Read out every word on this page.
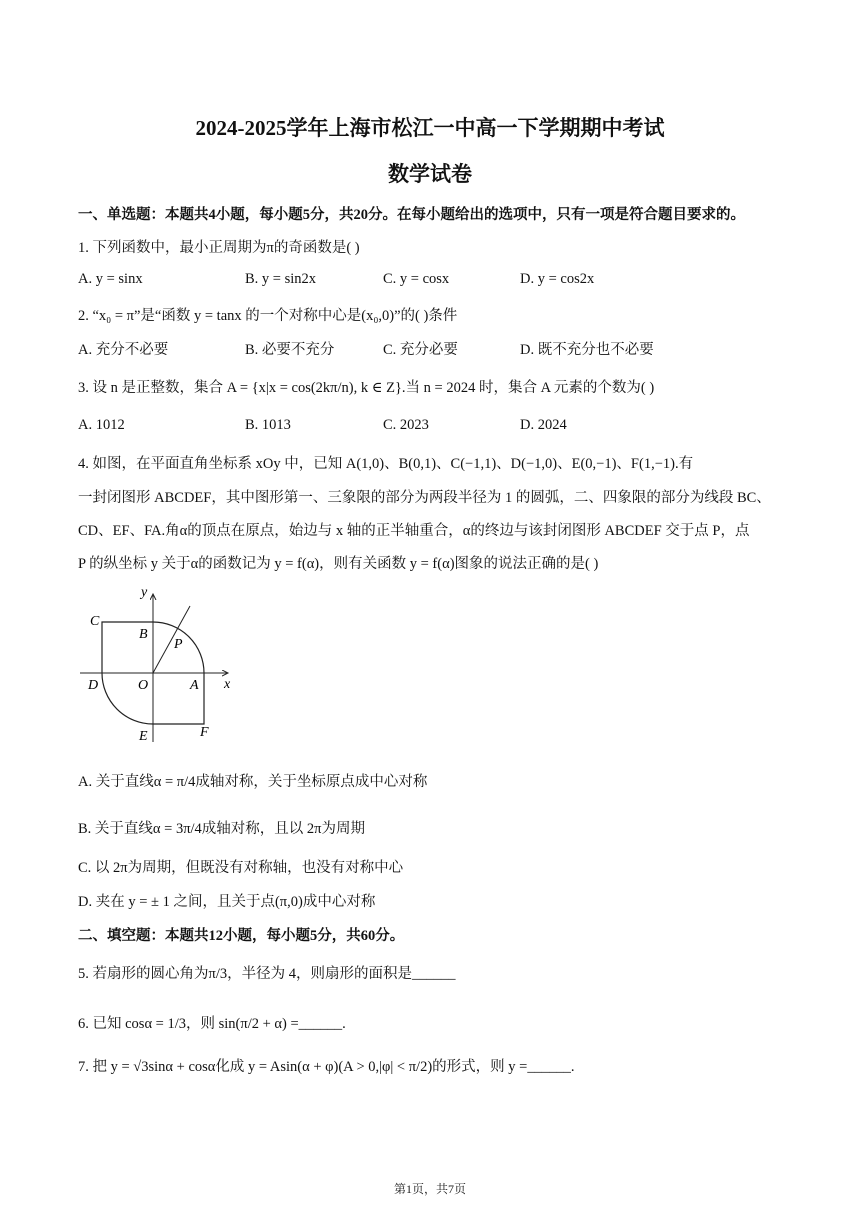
2024-2025学年上海市松江一中高一下学期期中考试
数学试卷
一、单选题：本题共4小题，每小题5分，共20分。在每小题给出的选项中，只有一项是符合题目要求的。
1. 下列函数中，最小正周期为π的奇函数是( )
A. y = sinx	B. y = sin2x	C. y = cosx	D. y = cos2x
2. “x₀ = π”是“函数 y = tanx 的一个对称中心是(x₀,0)”的( )条件
A. 充分不必要	B. 必要不充分	C. 充分必要	D. 既不充分也不必要
3. 设 n 是正整数，集合 A = {x|x = cos(2kπ/n), k ∈ Z}.当 n = 2024 时，集合 A 元素的个数为( )
A. 1012	B. 1013	C. 2023	D. 2024
4. 如图，在平面直角坐标系 xOy 中，已知 A(1,0)、B(0,1)、C(−1,1)、D(−1,0)、E(0,−1)、F(1,−1).有
一封闭图形 ABCDEF，其中图形第一、三象限的部分为两段半径为 1 的圆弧，二、四象限的部分为线段 BC、
CD、EF、FA.角α的顶点在原点，始边与 x 轴的正半轴重合，α的终边与该封闭图形 ABCDEF 交于点 P，点
P 的纵坐标 y 关于α的函数记为 y = f(α)，则有关函数 y = f(α)图象的说法正确的是( )
C
B
P
D	O	A
E	F
x
y
A. 关于直线α = π/4成轴对称，关于坐标原点成中心对称
B. 关于直线α = 3π/4成轴对称，且以 2π为周期
C. 以 2π为周期，但既没有对称轴，也没有对称中心
D. 夹在 y = ± 1 之间，且关于点(π,0)成中心对称
二、填空题：本题共12小题，每小题5分，共60分。
5. 若扇形的圆心角为π/3，半径为 4，则扇形的面积是______
6. 已知 cosα = 1/3，则 sin(π/2 + α) =______.
7. 把 y = √3sinα + cosα化成 y = Asin(α + φ)(A > 0,|φ| < π/2)的形式，则 y =______.
第1页，共7页
